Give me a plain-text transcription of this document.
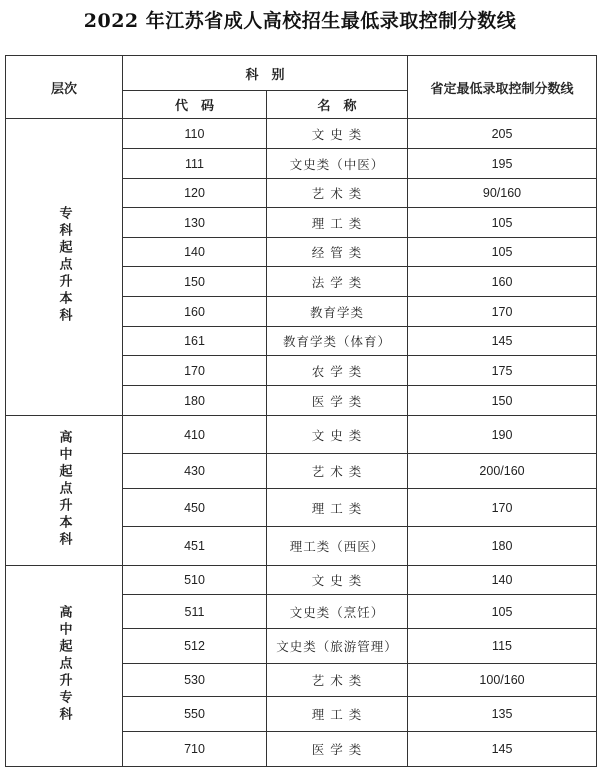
2022 年江苏省成人高校招生最低录取控制分数线
层次	科　别		省定最低录取控制分数线
	代　码	名　称	
专科起点升本科	110	文 史 类	205
	111	文史类（中医）	195
	120	艺 术 类	90/160
	130	理 工 类	105
	140	经 管 类	105
	150	法 学 类	160
	160	教育学类	170
	161	教育学类（体育）	145
	170	农 学 类	175
	180	医 学 类	150
高中起点升本科	410	文 史 类	190
	430	艺 术 类	200/160
	450	理 工 类	170
	451	理工类（西医）	180
高中起点升专科	510	文 史 类	140
	511	文史类（烹饪）	105
	512	文史类（旅游管理）	115
	530	艺 术 类	100/160
	550	理 工 类	135
	710	医 学 类	145
